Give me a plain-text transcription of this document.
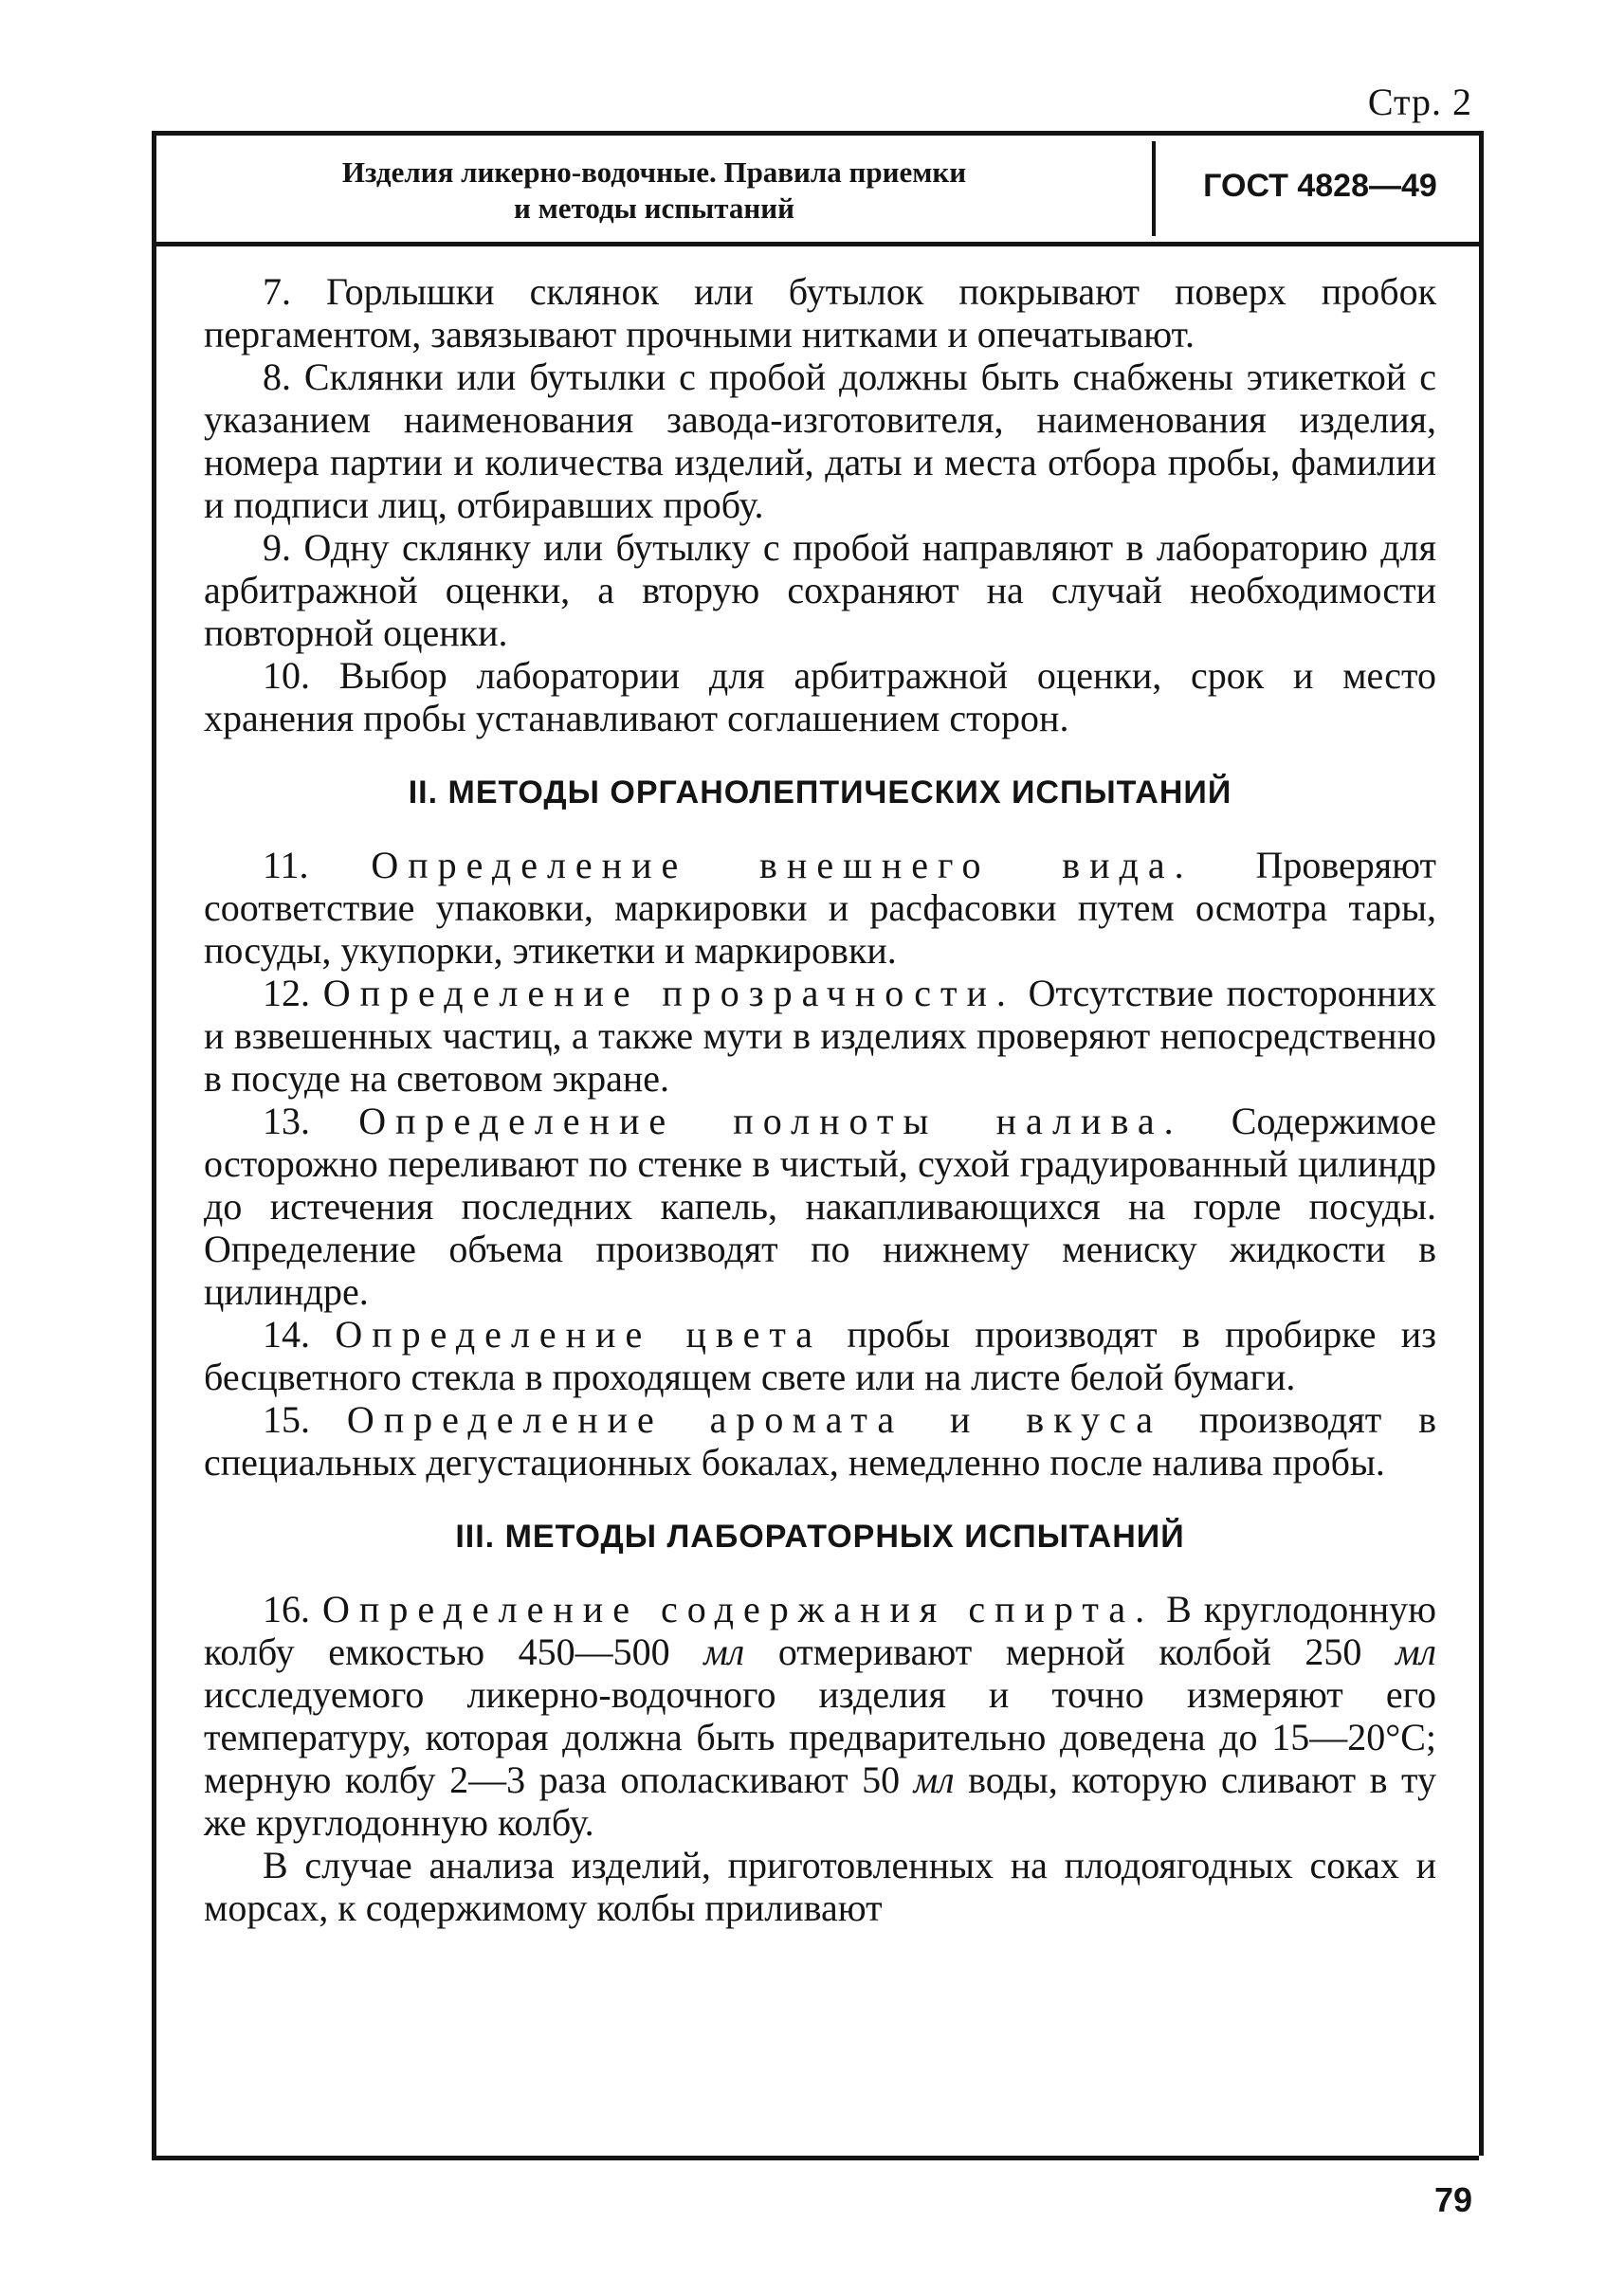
Стр. 2
Изделия ликерно-водочные. Правила приемки
и методы испытаний
ГОСТ 4828—49

7. Горлышки склянок или бутылок покрывают поверх пробок пергаментом, завязывают прочными нитками и опечатывают.

8. Склянки или бутылки с пробой должны быть снабжены этикеткой с указанием наименования завода-изготовителя, наименования изделия, номера партии и количества изделий, даты и места отбора пробы, фамилии и подписи лиц, отбиравших пробу.

9. Одну склянку или бутылку с пробой направляют в лабораторию для арбитражной оценки, а вторую сохраняют на случай необходимости повторной оценки.

10. Выбор лаборатории для арбитражной оценки, срок и место хранения пробы устанавливают соглашением сторон.

II. МЕТОДЫ ОРГАНОЛЕПТИЧЕСКИХ ИСПЫТАНИЙ

11. Определение внешнего вида. Проверяют соответствие упаковки, маркировки и расфасовки путем осмотра тары, посуды, укупорки, этикетки и маркировки.

12. Определение прозрачности. Отсутствие посторонних и взвешенных частиц, а также мути в изделиях проверяют непосредственно в посуде на световом экране.

13. Определение полноты налива. Содержимое осторожно переливают по стенке в чистый, сухой градуированный цилиндр до истечения последних капель, накапливающихся на горле посуды. Определение объема производят по нижнему мениску жидкости в цилиндре.

14. Определение цвета пробы производят в пробирке из бесцветного стекла в проходящем свете или на листе белой бумаги.

15. Определение аромата и вкуса производят в специальных дегустационных бокалах, немедленно после налива пробы.

III. МЕТОДЫ ЛАБОРАТОРНЫХ ИСПЫТАНИЙ

16. Определение содержания спирта. В круглодонную колбу емкостью 450—500 мл отмеривают мерной колбой 250 мл исследуемого ликерно-водочного изделия и точно измеряют его температуру, которая должна быть предварительно доведена до 15—20°С; мерную колбу 2—3 раза ополаскивают 50 мл воды, которую сливают в ту же круглодонную колбу.

В случае анализа изделий, приготовленных на плодоягодных соках и морсах, к содержимому колбы приливают

79
